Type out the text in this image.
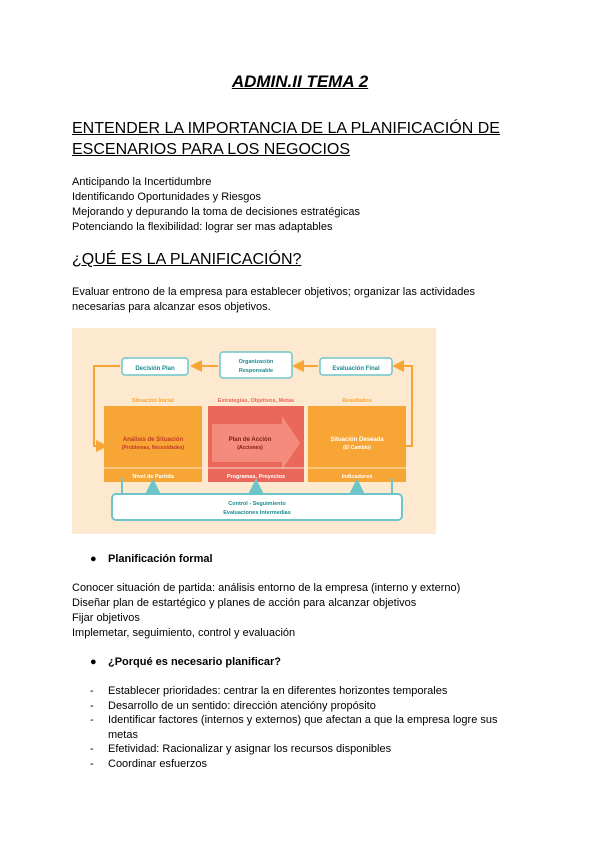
ADMIN.II TEMA 2
ENTENDER LA IMPORTANCIA DE LA PLANIFICACIÓN DE
ESCENARIOS PARA LOS NEGOCIOS
Anticipando la Incertidumbre
Identificando Oportunidades y Riesgos
Mejorando y depurando la toma de decisiones estratégicas
Potenciando la flexibilidad: lograr ser mas adaptables
¿QUÉ ES LA PLANIFICACIÓN?
Evaluar entrono de la empresa para establecer objetivos; organizar las actividades
necesarias para alcanzar esos objetivos.
Decisión Plan
Organización
Responsable	Evaluación Final
Situación Inicial	Estrategias, Objetivos, Metas	Resultados
Análisis de Situación
(Problemas, Necesidades)
Plan de Acción
(Acciones)
Situación Deseada
(El Cambio)
Nivel de Partida	Programas, Proyectos	Indicadores
Control - Seguimiento
Evaluaciones Intermedias
● Planificación formal
Conocer situación de partida: análisis entorno de la empresa (interno y externo)
Diseñar plan de estartégico y planes de acción para alcanzar objetivos
Fijar objetivos
Implemetar, seguimiento, control y evaluación
● ¿Porqué es necesario planificar?
-	Establecer prioridades: centrar la en diferentes horizontes temporales
-	Desarrollo de un sentido: dirección atencióny propósito
-	Identificar factores (internos y externos) que afectan a que la empresa logre sus
metas
-	Efetividad: Racionalizar y asignar los recursos disponibles
-	Coordinar esfuerzos
